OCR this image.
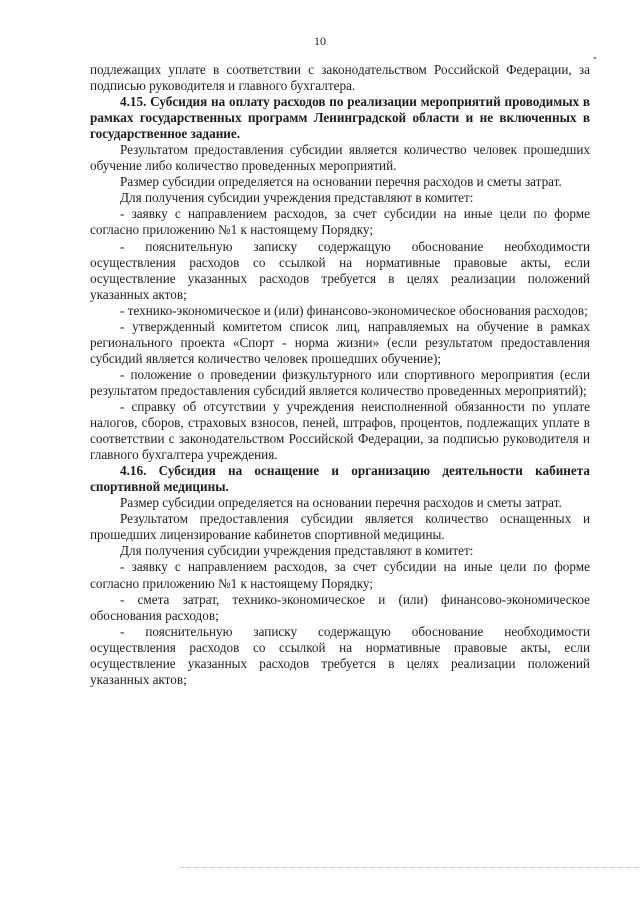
10

подлежащих уплате в соответствии с законодательством Российской Федерации, за подписью руководителя и главного бухгалтера.

4.15. Субсидия на оплату расходов по реализации мероприятий проводимых в рамках государственных программ Ленинградской области и не включенных в государственное задание.

Результатом предоставления субсидии является количество человек прошедших обучение либо количество проведенных мероприятий.

Размер субсидии определяется на основании перечня расходов и сметы затрат.

Для получения субсидии учреждения представляют в комитет:

- заявку с направлением расходов, за счет субсидии на иные цели по форме согласно приложению №1 к настоящему Порядку;

- пояснительную записку содержащую обоснование необходимости осуществления расходов со ссылкой на нормативные правовые акты, если осуществление указанных расходов требуется в целях реализации положений указанных актов;

- технико-экономическое и (или) финансово-экономическое обоснования расходов;

- утвержденный комитетом список лиц, направляемых на обучение в рамках регионального проекта «Спорт - норма жизни» (если результатом предоставления субсидий является количество человек прошедших обучение);

- положение о проведении физкультурного или спортивного мероприятия (если результатом предоставления субсидий является количество проведенных мероприятий);

- справку об отсутствии у учреждения неисполненной обязанности по уплате налогов, сборов, страховых взносов, пеней, штрафов, процентов, подлежащих уплате в соответствии с законодательством Российской Федерации, за подписью руководителя и главного бухгалтера учреждения.

4.16. Субсидия на оснащение и организацию деятельности кабинета спортивной медицины.

Размер субсидии определяется на основании перечня расходов и сметы затрат.

Результатом предоставления субсидии является количество оснащенных и прошедших лицензирование кабинетов спортивной медицины.

Для получения субсидии учреждения представляют в комитет:

- заявку с направлением расходов, за счет субсидии на иные цели по форме согласно приложению №1 к настоящему Порядку;

- смета затрат, технико-экономическое и (или) финансово-экономическое обоснования расходов;

- пояснительную записку содержащую обоснование необходимости осуществления расходов со ссылкой на нормативные правовые акты, если осуществление указанных расходов требуется в целях реализации положений указанных актов;
